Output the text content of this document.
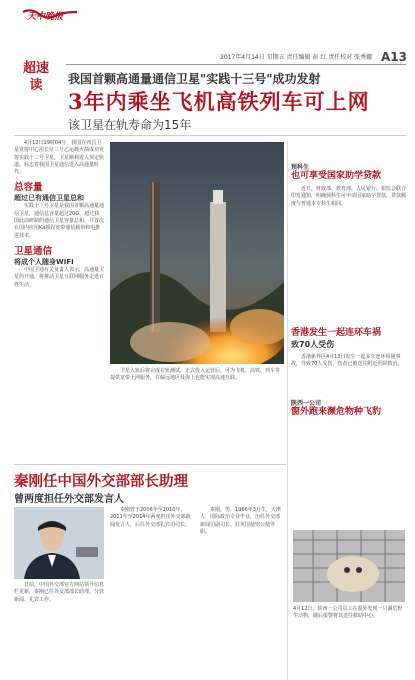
天中晚报
超速读
2017年4月14日 星期五 责任编辑 彭 红 责任校对 张秀娜 A13
我国首颗高通量通信卫星"实践十三号"成功发射
3年内乘坐飞机高铁列车可上网
该卫星在轨寿命为15年

4月12日19时04分，我国在西昌卫星发射中心用长征三号乙运载火箭成功发射实践十三号卫星。卫星顺利进入预定轨道，标志着我国卫星通信进入高通量时代。

总容量
超过已有通信卫星总和

实践十三号卫星是我国首颗高通量通信卫星，通信总容量超过20G，超过我国此前研制的通信卫星容量总和，并首次在国内应用Ka频段宽带通信载荷和电推进技术。

卫星通信
将成个人随身WIFI

中国卫通有关负责人表示，高通量卫星的开通，将推动卫星互联网服务走进百姓生活。

卫星入轨后将完成在轨测试，正式投入运营后，可为飞机、高铁、列车等提供宽带上网服务，在偏远地区及海上也能实现高速互联。

预科生
也可享受国家助学贷款

近日，财政部、教育部、人民银行、银监会联合印发通知，明确预科生可申请国家助学贷款，贷款额度与普通本专科生相同。

香港发生一起连环车祸
致70人受伤

香港新界区4月13日发生一起多车连环相撞事故，导致70人受伤，伤者已被送往附近医院救治。

陕西一公司
窗外跑来濒危物种飞豹

4月12日，陕西一公司员工在窗外发现一只濒危野生动物，随后报警将其送往救助中心。

秦刚任中国外交部部长助理
曾两度担任外交部发言人

日前，中国外交部官方网站领导信息栏更新，秦刚已任外交部部长助理，分管新闻、礼宾工作。

秦刚曾于2006年至2010年、2011年至2014年两度担任外交部新闻发言人，后任外交部礼宾司司长。

秦刚，男，1966年3月生，天津人，国际政治专业毕业，历任外交部新闻司副司长、驻英国使馆公使等职。
